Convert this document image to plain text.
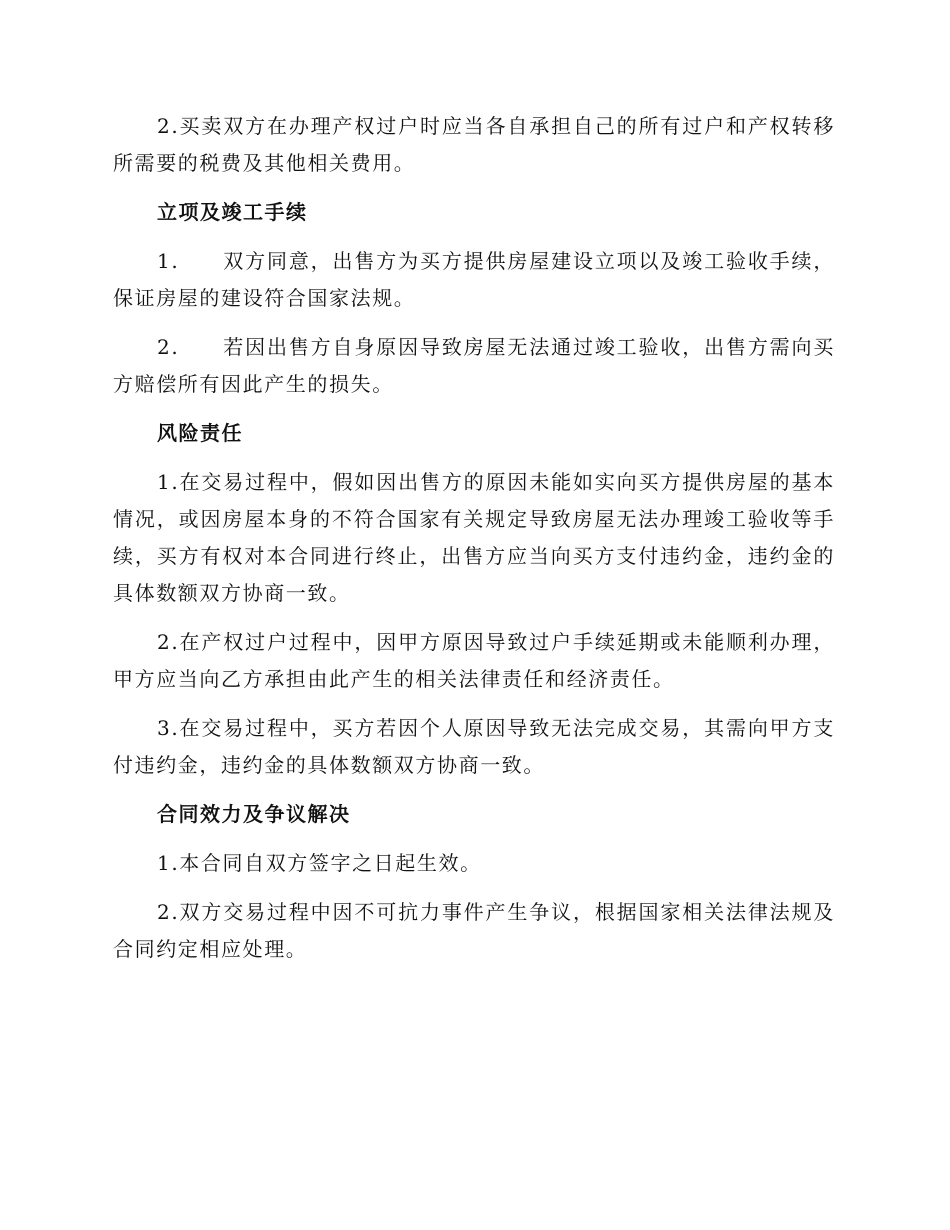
2.买卖双方在办理产权过户时应当各自承担自己的所有过户和产权转移所需要的税费及其他相关费用。

立项及竣工手续

1. 双方同意，出售方为买方提供房屋建设立项以及竣工验收手续，保证房屋的建设符合国家法规。

2. 若因出售方自身原因导致房屋无法通过竣工验收，出售方需向买方赔偿所有因此产生的损失。

风险责任

1.在交易过程中，假如因出售方的原因未能如实向买方提供房屋的基本情况，或因房屋本身的不符合国家有关规定导致房屋无法办理竣工验收等手续，买方有权对本合同进行终止，出售方应当向买方支付违约金，违约金的具体数额双方协商一致。

2.在产权过户过程中，因甲方原因导致过户手续延期或未能顺利办理，甲方应当向乙方承担由此产生的相关法律责任和经济责任。

3.在交易过程中，买方若因个人原因导致无法完成交易，其需向甲方支付违约金，违约金的具体数额双方协商一致。

合同效力及争议解决

1.本合同自双方签字之日起生效。

2.双方交易过程中因不可抗力事件产生争议，根据国家相关法律法规及合同约定相应处理。
